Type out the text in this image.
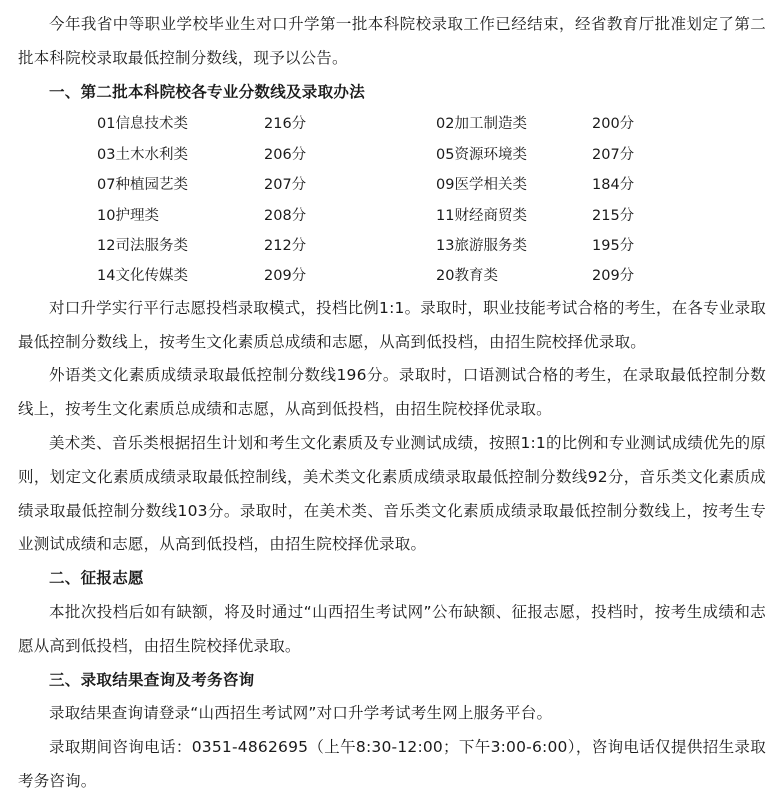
今年我省中等职业学校毕业生对口升学第一批本科院校录取工作已经结束，经省教育厅批准划定了第二批本科院校录取最低控制分数线，现予以公告。

一、第二批本科院校各专业分数线及录取办法

01信息技术类	216分	02加工制造类	200分
03土木水利类	206分	05资源环境类	207分
07种植园艺类	207分	09医学相关类	184分
10护理类	208分	11财经商贸类	215分
12司法服务类	212分	13旅游服务类	195分
14文化传媒类	209分	20教育类	209分

对口升学实行平行志愿投档录取模式，投档比例1:1。录取时，职业技能考试合格的考生，在各专业录取最低控制分数线上，按考生文化素质总成绩和志愿，从高到低投档，由招生院校择优录取。

外语类文化素质成绩录取最低控制分数线196分。录取时，口语测试合格的考生，在录取最低控制分数线上，按考生文化素质总成绩和志愿，从高到低投档，由招生院校择优录取。

美术类、音乐类根据招生计划和考生文化素质及专业测试成绩，按照1:1的比例和专业测试成绩优先的原则，划定文化素质成绩录取最低控制线，美术类文化素质成绩录取最低控制分数线92分，音乐类文化素质成绩录取最低控制分数线103分。录取时，在美术类、音乐类文化素质成绩录取最低控制分数线上，按考生专业测试成绩和志愿，从高到低投档，由招生院校择优录取。

二、征报志愿

本批次投档后如有缺额，将及时通过“山西招生考试网”公布缺额、征报志愿，投档时，按考生成绩和志愿从高到低投档，由招生院校择优录取。

三、录取结果查询及考务咨询

录取结果查询请登录“山西招生考试网”对口升学考试考生网上服务平台。

录取期间咨询电话：0351-4862695（上午8:30-12:00；下午3:00-6:00），咨询电话仅提供招生录取考务咨询。
